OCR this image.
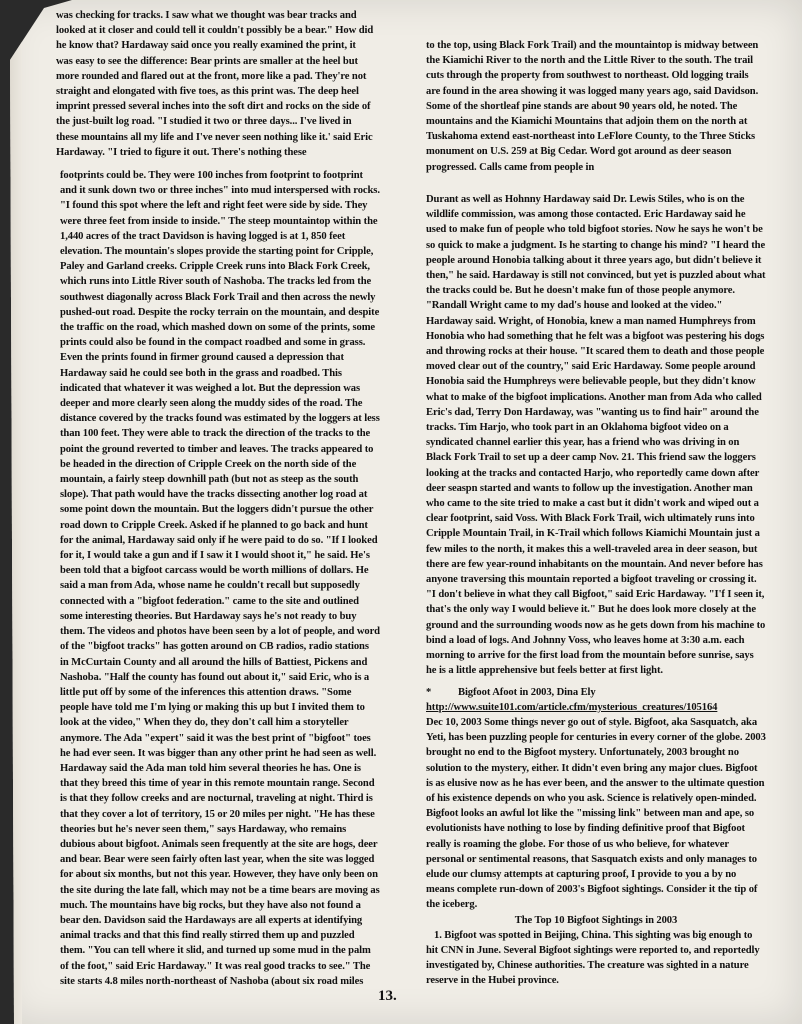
was checking for tracks. I saw what we thought was bear tracks and looked at it closer and could tell it couldn't possibly be a bear." How did he know that? Hardaway said once you really examined the print, it was easy to see the difference: Bear prints are smaller at the heel but more rounded and flared out at the front, more like a pad. They're not straight and elongated with five toes, as this print was. The deep heel imprint pressed several inches into the soft dirt and rocks on the side of the just-built log road. "I studied it two or three days... I've lived in these mountains all my life and I've never seen nothing like it.' said Eric Hardaway. "I tried to figure it out. There's nothing these

footprints could be. They were 100 inches from footprint to footprint and it sunk down two or three inches" into mud interspersed with rocks. "I found this spot where the left and right feet were side by side. They were three feet from inside to inside." The steep mountaintop within the 1,440 acres of the tract Davidson is having logged is at 1, 850 feet elevation. The mountain's slopes provide the starting point for Cripple, Paley and Garland creeks. Cripple Creek runs into Black Fork Creek, which runs into Little River south of Nashoba. The tracks led from the southwest diagonally across Black Fork Trail and then across the newly pushed-out road. Despite the rocky terrain on the mountain, and despite the traffic on the road, which mashed down on some of the prints, some prints could also be found in the compact roadbed and some in grass. Even the prints found in firmer ground caused a depression that Hardaway said he could see both in the grass and roadbed. This indicated that whatever it was weighed a lot. But the depression was deeper and more clearly seen along the muddy sides of the road. The distance covered by the tracks found was estimated by the loggers at less than 100 feet. They were able to track the direction of the tracks to the point the ground reverted to timber and leaves. The tracks appeared to be headed in the direction of Cripple Creek on the north side of the mountain, a fairly steep downhill path (but not as steep as the south slope). That path would have the tracks dissecting another log road at some point down the mountain. But the loggers didn't pursue the other road down to Cripple Creek. Asked if he planned to go back and hunt for the animal, Hardaway said only if he were paid to do so. "If I looked for it, I would take a gun and if I saw it I would shoot it," he said. He's been told that a bigfoot carcass would be worth millions of dollars. He said a man from Ada, whose name he couldn't recall but supposedly connected with a "bigfoot federation." came to the site and outlined some interesting theories. But Hardaway says he's not ready to buy them. The videos and photos have been seen by a lot of people, and word of the "bigfoot tracks" has gotten around on CB radios, radio stations in McCurtain County and all around the hills of Battiest, Pickens and Nashoba. "Half the county has found out about it," said Eric, who is a little put off by some of the inferences this attention draws. "Some people have told me I'm lying or making this up but I invited them to look at the video," When they do, they don't call him a storyteller anymore. The Ada "expert" said it was the best print of "bigfoot" toes he had ever seen. It was bigger than any other print he had seen as well. Hardaway said the Ada man told him several theories he has. One is that they breed this time of year in this remote mountain range. Second is that they follow creeks and are nocturnal, traveling at night. Third is that they cover a lot of territory, 15 or 20 miles per night. "He has these theories but he's never seen them," says Hardaway, who remains dubious about bigfoot. Animals seen frequently at the site are hogs, deer and bear. Bear were seen fairly often last year, when the site was logged for about six months, but not this year. However, they have only been on the site during the late fall, which may not be a time bears are moving as much. The mountains have big rocks, but they have also not found a bear den. Davidson said the Hardaways are all experts at identifying animal tracks and that this find really stirred them up and puzzled them. "You can tell where it slid, and turned up some mud in the palm of the foot," said Eric Hardaway." It was real good tracks to see." The site starts 4.8 miles north-northeast of Nashoba (about six road miles

to the top, using Black Fork Trail) and the mountaintop is midway between the Kiamichi River to the north and the Little River to the south. The trail cuts through the property from southwest to northeast. Old logging trails are found in the area showing it was logged many years ago, said Davidson. Some of the shortleaf pine stands are about 90 years old, he noted. The mountains and the Kiamichi Mountains that adjoin them on the north at Tuskahoma extend east-northeast into LeFlore County, to the Three Sticks monument on U.S. 259 at Big Cedar. Word got around as deer season progressed. Calls came from people in

Durant as well as Hohnny Hardaway said Dr. Lewis Stiles, who is on the wildlife commission, was among those contacted. Eric Hardaway said he used to make fun of people who told bigfoot stories. Now he says he won't be so quick to make a judgment. Is he starting to change his mind? "I heard the people around Honobia talking about it three years ago, but didn't believe it then," he said. Hardaway is still not convinced, but yet is puzzled about what the tracks could be. But he doesn't make fun of those people anymore. "Randall Wright came to my dad's house and looked at the video." Hardaway said. Wright, of Honobia, knew a man named Humphreys from Honobia who had something that he felt was a bigfoot was pestering his dogs and throwing rocks at their house. "It scared them to death and those people moved clear out of the country," said Eric Hardaway. Some people around Honobia said the Humphreys were believable people, but they didn't know what to make of the bigfoot implications. Another man from Ada who called Eric's dad, Terry Don Hardaway, was "wanting us to find hair" around the tracks. Tim Harjo, who took part in an Oklahoma bigfoot video on a syndicated channel earlier this year, has a friend who was driving in on Black Fork Trail to set up a deer camp Nov. 21. This friend saw the loggers looking at the tracks and contacted Harjo, who reportedly came down after deer seaspn started and wants to follow up the investigation. Another man who came to the site tried to make a cast but it didn't work and wiped out a clear footprint, said Voss. With Black Fork Trail, wich ultimately runs into Cripple Mountain Trail, in K-Trail which follows Kiamichi Mountain just a few miles to the north, it makes this a well-traveled area in deer season, but there are few year-round inhabitants on the mountain. And never before has anyone traversing this mountain reported a bigfoot traveling or crossing it. "I don't believe in what they call Bigfoot," said Eric Hardaway. "I'f I seen it, that's the only way I would believe it." But he does look more closely at the ground and the surrounding woods now as he gets down from his machine to bind a load of logs. And Johnny Voss, who leaves home at 3:30 a.m. each morning to arrive for the first load from the mountain before sunrise, says he is a little apprehensive but feels better at first light.

*	Bigfoot Afoot in 2003, Dina Ely

http://www.suite101.com/article.cfm/mysterious_creatures/105164

Dec 10, 2003 Some things never go out of style. Bigfoot, aka Sasquatch, aka Yeti, has been puzzling people for centuries in every corner of the globe. 2003 brought no end to the Bigfoot mystery. Unfortunately, 2003 brought no solution to the mystery, either. It didn't even bring any major clues. Bigfoot is as elusive now as he has ever been, and the answer to the ultimate question of his existence depends on who you ask. Science is relatively open-minded. Bigfoot looks an awful lot like the "missing link" between man and ape, so evolutionists have nothing to lose by finding definitive proof that Bigfoot really is roaming the globe. For those of us who believe, for whatever personal or sentimental reasons, that Sasquatch exists and only manages to elude our clumsy attempts at capturing proof, I provide to you a by no means complete run-down of 2003's Bigfoot sightings. Consider it the tip of the iceberg.

The Top 10 Bigfoot Sightings in 2003

1. Bigfoot was spotted in Beijing, China. This sighting was big enough to hit CNN in June. Several Bigfoot sightings were reported to, and reportedly investigated by, Chinese authorities. The creature was sighted in a nature reserve in the Hubei province.

13.
